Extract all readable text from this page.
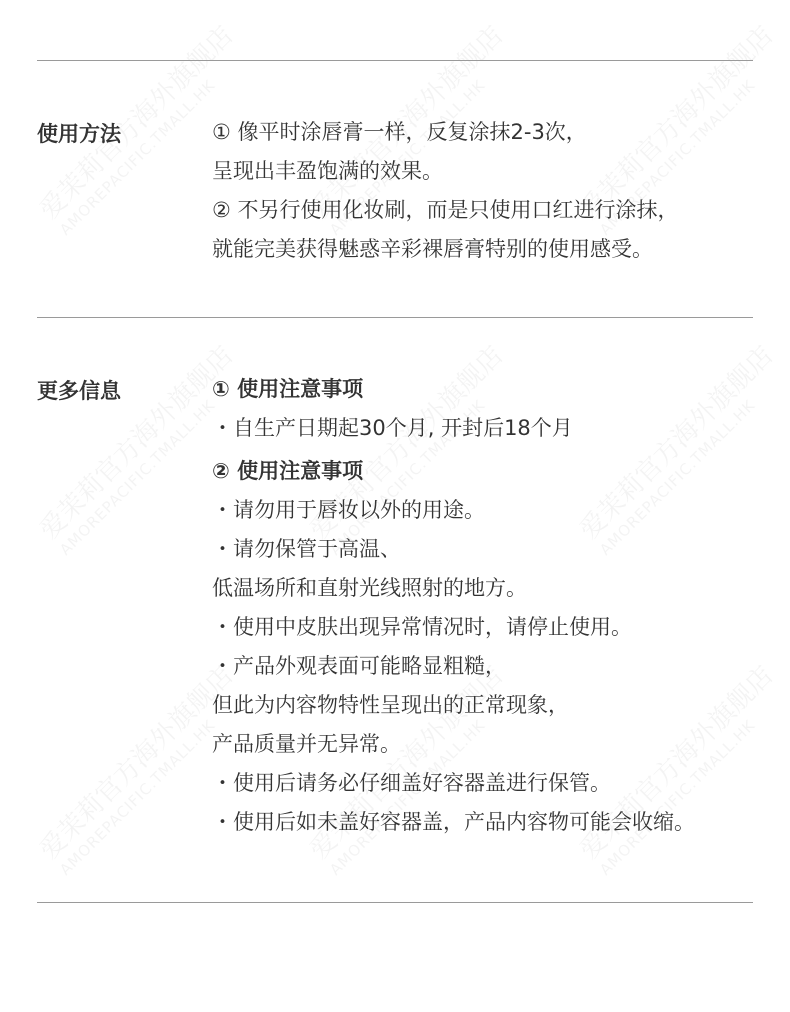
使用方法	① 像平时涂唇膏一样，反复涂抹2-3次，
呈现出丰盈饱满的效果。
② 不另行使用化妆刷，而是只使用口红进行涂抹，
就能完美获得魅惑辛彩裸唇膏特别的使用感受。
更多信息	① 使用注意事项
・自生产日期起30个月, 开封后18个月
② 使用注意事项
・请勿用于唇妆以外的用途。
・请勿保管于高温、
低温场所和直射光线照射的地方。
・使用中皮肤出现异常情况时，请停止使用。
・产品外观表面可能略显粗糙，
但此为内容物特性呈现出的正常现象，
产品质量并无异常。
・使用后请务必仔细盖好容器盖进行保管。
・使用后如未盖好容器盖，产品内容物可能会收缩。
